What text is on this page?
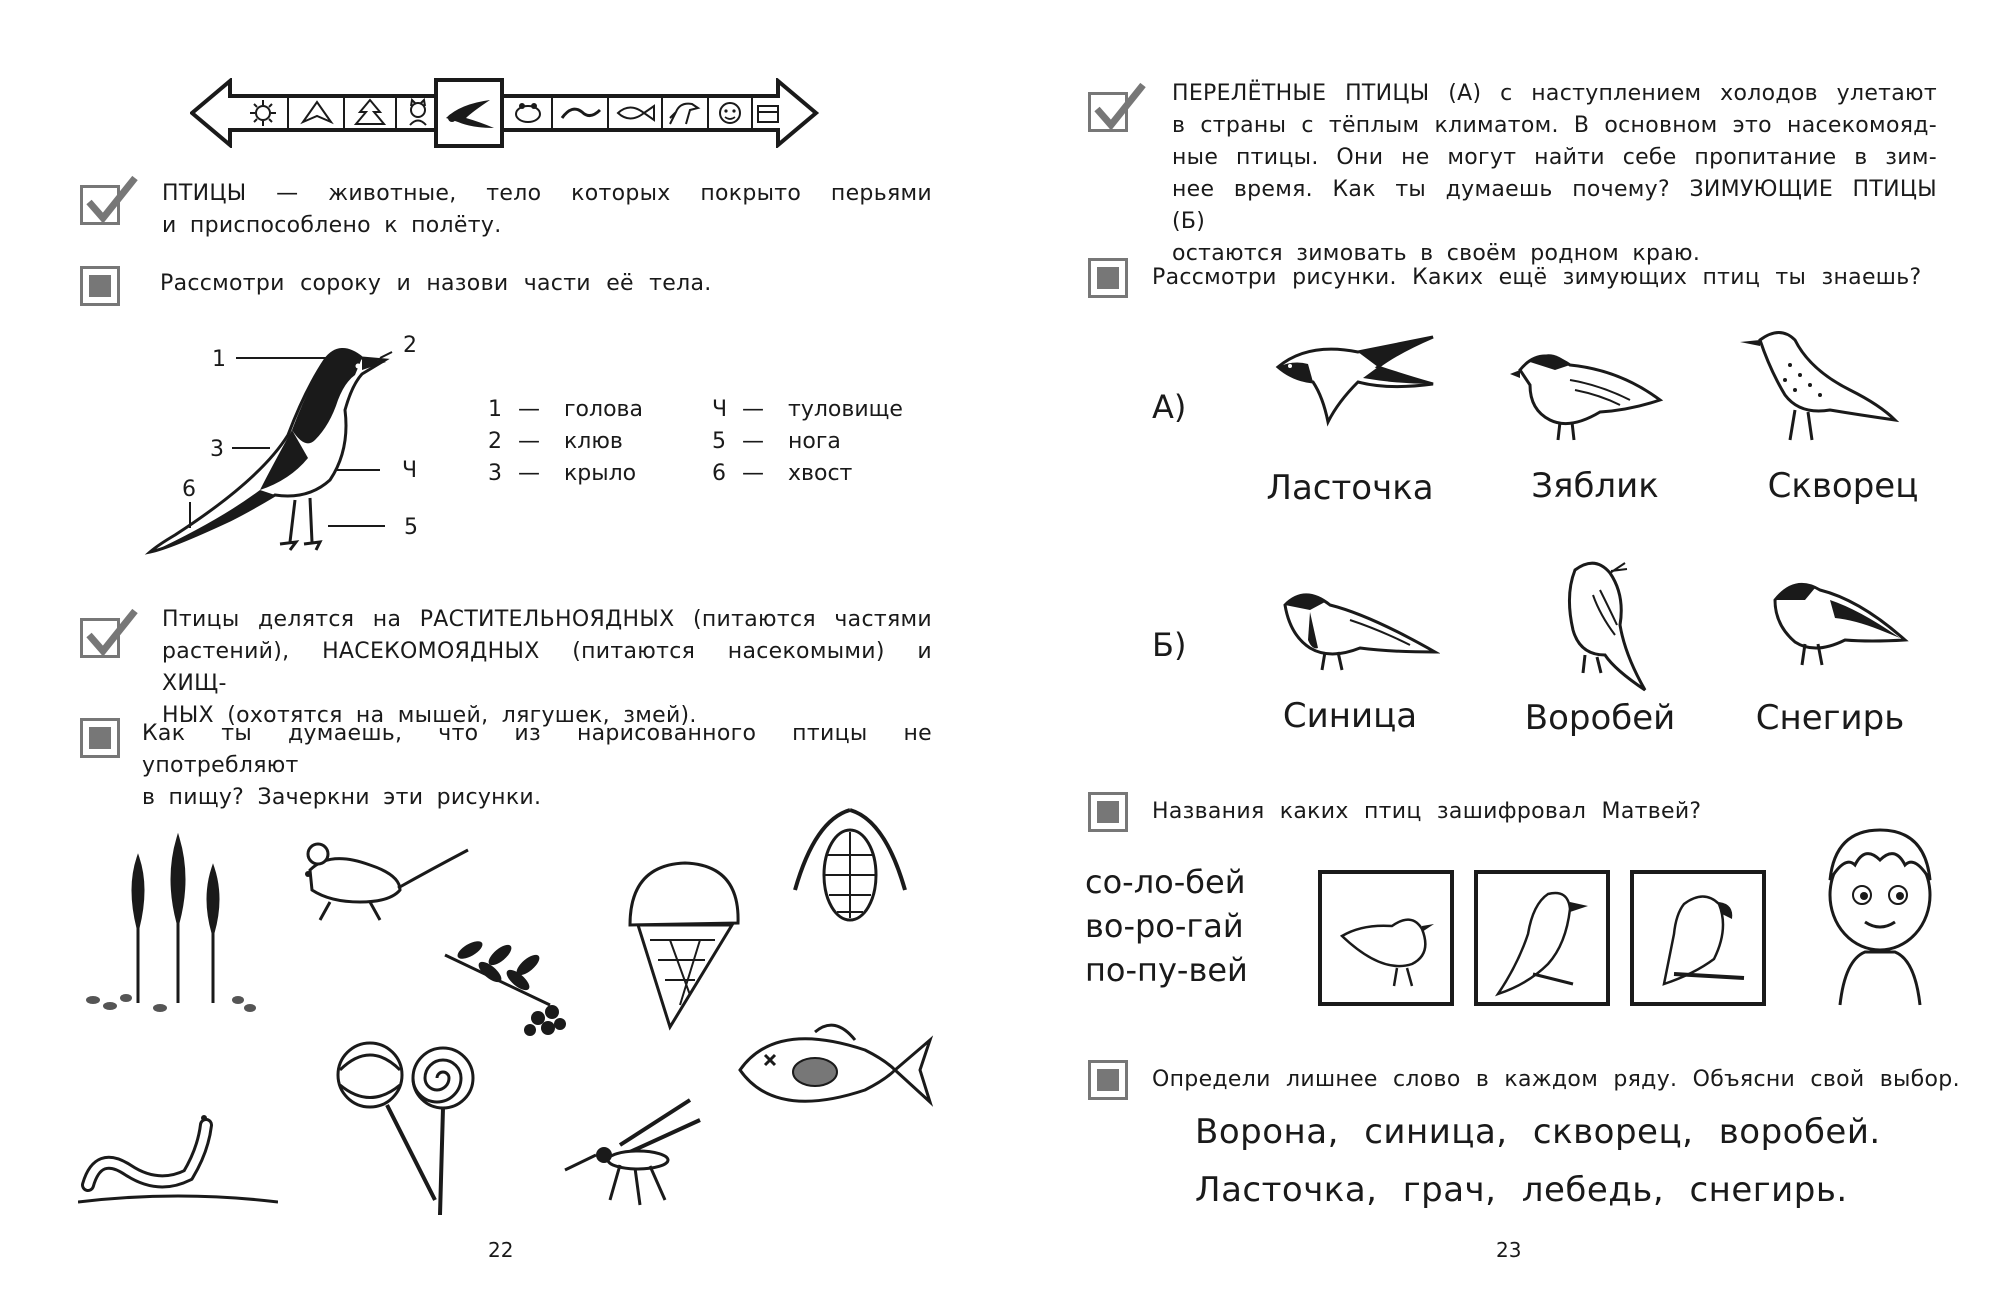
ПТИЦЫ — животные, тело которых покрыто перьями
и приспособлено к полёту.
Рассмотри сороку и назови части её тела.
1
2
3
Ч
5
6
1 —	голова
2 —	клюв
3 —	крыло
Ч —	туловище
5 —	нога
6 —	хвост
Птицы делятся на РАСТИТЕЛЬНОЯДНЫХ (питаются частями
растений), НАСЕКОМОЯДНЫХ (питаются насекомыми) и ХИЩ-
НЫХ (охотятся на мышей, лягушек, змей).
Как ты думаешь, что из нарисованного птицы не употребляют
в пищу? Зачеркни эти рисунки.
22
ПЕРЕЛЁТНЫЕ ПТИЦЫ (А) с наступлением холодов улетают
в страны с тёплым климатом. В основном это насекомояд-
ные птицы. Они не могут найти себе пропитание в зим-
нее время. Как ты думаешь почему? ЗИМУЮЩИЕ ПТИЦЫ (Б)
остаются зимовать в своём родном краю.
Рассмотри рисунки. Каких ещё зимующих птиц ты знаешь?
А)
Б)
Ласточка	Зяблик	Скворец
Синица	Воробей	Снегирь
Названия каких птиц зашифровал Матвей?
со-ло-бей
во-ро-гай
по-пу-вей
Определи лишнее слово в каждом ряду. Объясни свой выбор.
Ворона, синица, скворец, воробей.
Ласточка, грач, лебедь, снегирь.
23
